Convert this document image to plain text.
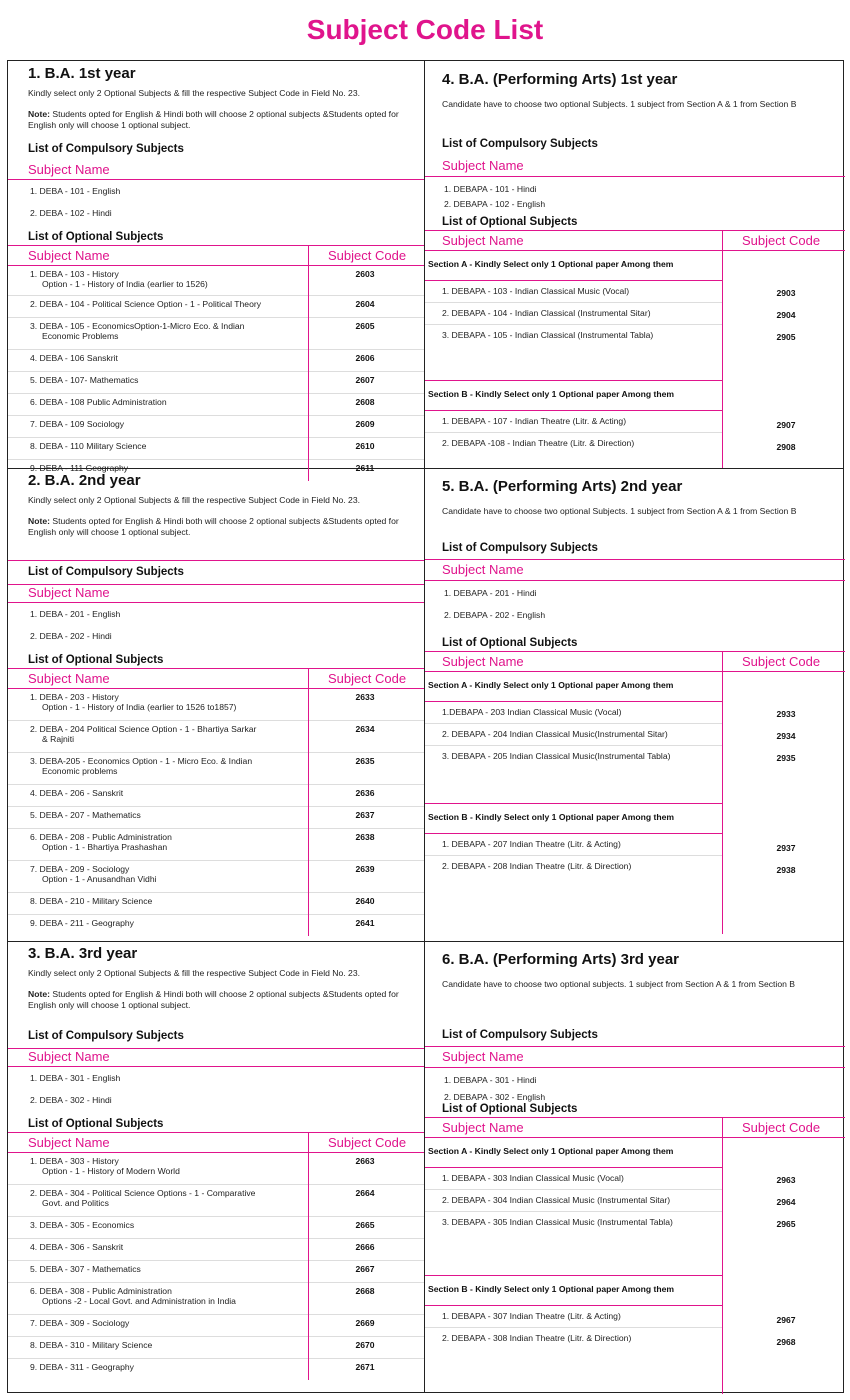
Subject Code List
1. B.A. 1st year
Kindly select only 2 Optional Subjects & fill the respective Subject Code in Field No. 23.
Note: Students opted for English & Hindi both will choose 2 optional subjects &Students opted for English only will choose 1 optional subject.
List of Compulsory Subjects
Subject Name
1. DEBA - 101 - English
2. DEBA - 102 - Hindi
List of Optional Subjects
Subject Name	Subject Code
1. DEBA - 103 - History
Option - 1 - History of India (earlier to 1526)
2603
2. DEBA - 104 - Political Science Option - 1 - Political Theory	2604
3. DEBA - 105 - EconomicsOption-1-Micro Eco. & Indian
Economic Problems
2605
4. DEBA - 106 Sanskrit	2606
5. DEBA - 107- Mathematics	2607
6. DEBA - 108 Public Administration	2608
7. DEBA - 109 Sociology	2609
8. DEBA - 110 Military Science	2610
9. DEBA - 111 Geography	2611
2. B.A. 2nd year
Kindly select only 2 Optional Subjects & fill the respective Subject Code in Field No. 23.
Note: Students opted for English & Hindi both will choose 2 optional subjects &Students opted for English only will choose 1 optional subject.
List of Compulsory Subjects
Subject Name
1. DEBA - 201 - English
2. DEBA - 202 - Hindi
List of Optional Subjects
Subject Name	Subject Code
1. DEBA - 203 - History
Option - 1 - History of India (earlier to 1526 to1857)
2633
2. DEBA - 204 Political Science Option - 1 - Bhartiya Sarkar
& Rajniti
2634
3. DEBA-205 - Economics Option - 1 - Micro Eco. & Indian
Economic problems
2635
4. DEBA - 206 - Sanskrit	2636
5. DEBA - 207 - Mathematics	2637
6. DEBA - 208 - Public Administration
Option - 1 - Bhartiya Prashashan
2638
7. DEBA - 209 - Sociology
Option - 1 - Anusandhan Vidhi
2639
8. DEBA - 210 - Military Science	2640
9. DEBA - 211 - Geography	2641
3. B.A. 3rd year
Kindly select only 2 Optional Subjects & fill the respective Subject Code in Field No. 23.
Note: Students opted for English & Hindi both will choose 2 optional subjects &Students opted for English only will choose 1 optional subject.
List of Compulsory Subjects
Subject Name
1. DEBA - 301 - English
2. DEBA - 302 - Hindi
List of Optional Subjects
Subject Name	Subject Code
1. DEBA - 303 - History
Option - 1 - History of Modern World
2663
2. DEBA - 304 - Political Science Options - 1 - Comparative
Govt. and Politics
2664
3. DEBA - 305 - Economics	2665
4. DEBA - 306 - Sanskrit	2666
5. DEBA - 307 - Mathematics	2667
6. DEBA - 308 - Public Administration
Options -2 - Local Govt. and Administration in India
2668
7. DEBA - 309 - Sociology	2669
8. DEBA - 310 - Military Science	2670
9. DEBA - 311 - Geography	2671
4. B.A. (Performing Arts) 1st year
Candidate have to choose two optional Subjects. 1 subject from Section A & 1 from Section B
List of Compulsory Subjects
Subject Name
1. DEBAPA - 101 - Hindi
2. DEBAPA - 102 - English
List of Optional Subjects
Subject Name	Subject Code
Section A - Kindly Select only 1 Optional paper Among them
1. DEBAPA - 103 - Indian Classical Music (Vocal)	2903
2. DEBAPA - 104 - Indian Classical (Instrumental Sitar)	2904
3. DEBAPA - 105 - Indian Classical (Instrumental Tabla)	2905
Section B - Kindly Select only 1 Optional paper Among them
1. DEBAPA - 107 - Indian Theatre (Litr. & Acting)	2907
2. DEBAPA -108 - Indian Theatre (Litr. & Direction)	2908
5. B.A. (Performing Arts) 2nd year
Candidate have to choose two optional Subjects. 1 subject from Section A & 1 from Section B
List of Compulsory Subjects
Subject Name
1. DEBAPA - 201 - Hindi
2. DEBAPA - 202 - English
List of Optional Subjects
Subject Name	Subject Code
Section A - Kindly Select only 1 Optional paper Among them
1.DEBAPA - 203 Indian Classical Music (Vocal)	2933
2. DEBAPA - 204 Indian Classical Music(Instrumental Sitar)	2934
3. DEBAPA - 205 Indian Classical Music(Instrumental Tabla)	2935
Section B - Kindly Select only 1 Optional paper Among them
1. DEBAPA - 207 Indian Theatre (Litr. & Acting)	2937
2. DEBAPA - 208 Indian Theatre (Litr. & Direction)	2938
6. B.A. (Performing Arts) 3rd year
Candidate have to choose two optional subjects. 1 subject from Section A & 1 from Section B
List of Compulsory Subjects
Subject Name
1. DEBAPA - 301 - Hindi
2. DEBAPA - 302 - English
List of Optional Subjects
Subject Name	Subject Code
Section A - Kindly Select only 1 Optional paper Among them
1. DEBAPA - 303 Indian Classical Music (Vocal)	2963
2. DEBAPA - 304 Indian Classical Music (Instrumental Sitar)	2964
3. DEBAPA - 305 Indian Classical Music (Instrumental Tabla)	2965
Section B - Kindly Select only 1 Optional paper Among them
1. DEBAPA - 307 Indian Theatre (Litr. & Acting)	2967
2. DEBAPA - 308 Indian Theatre (Litr. & Direction)	2968
